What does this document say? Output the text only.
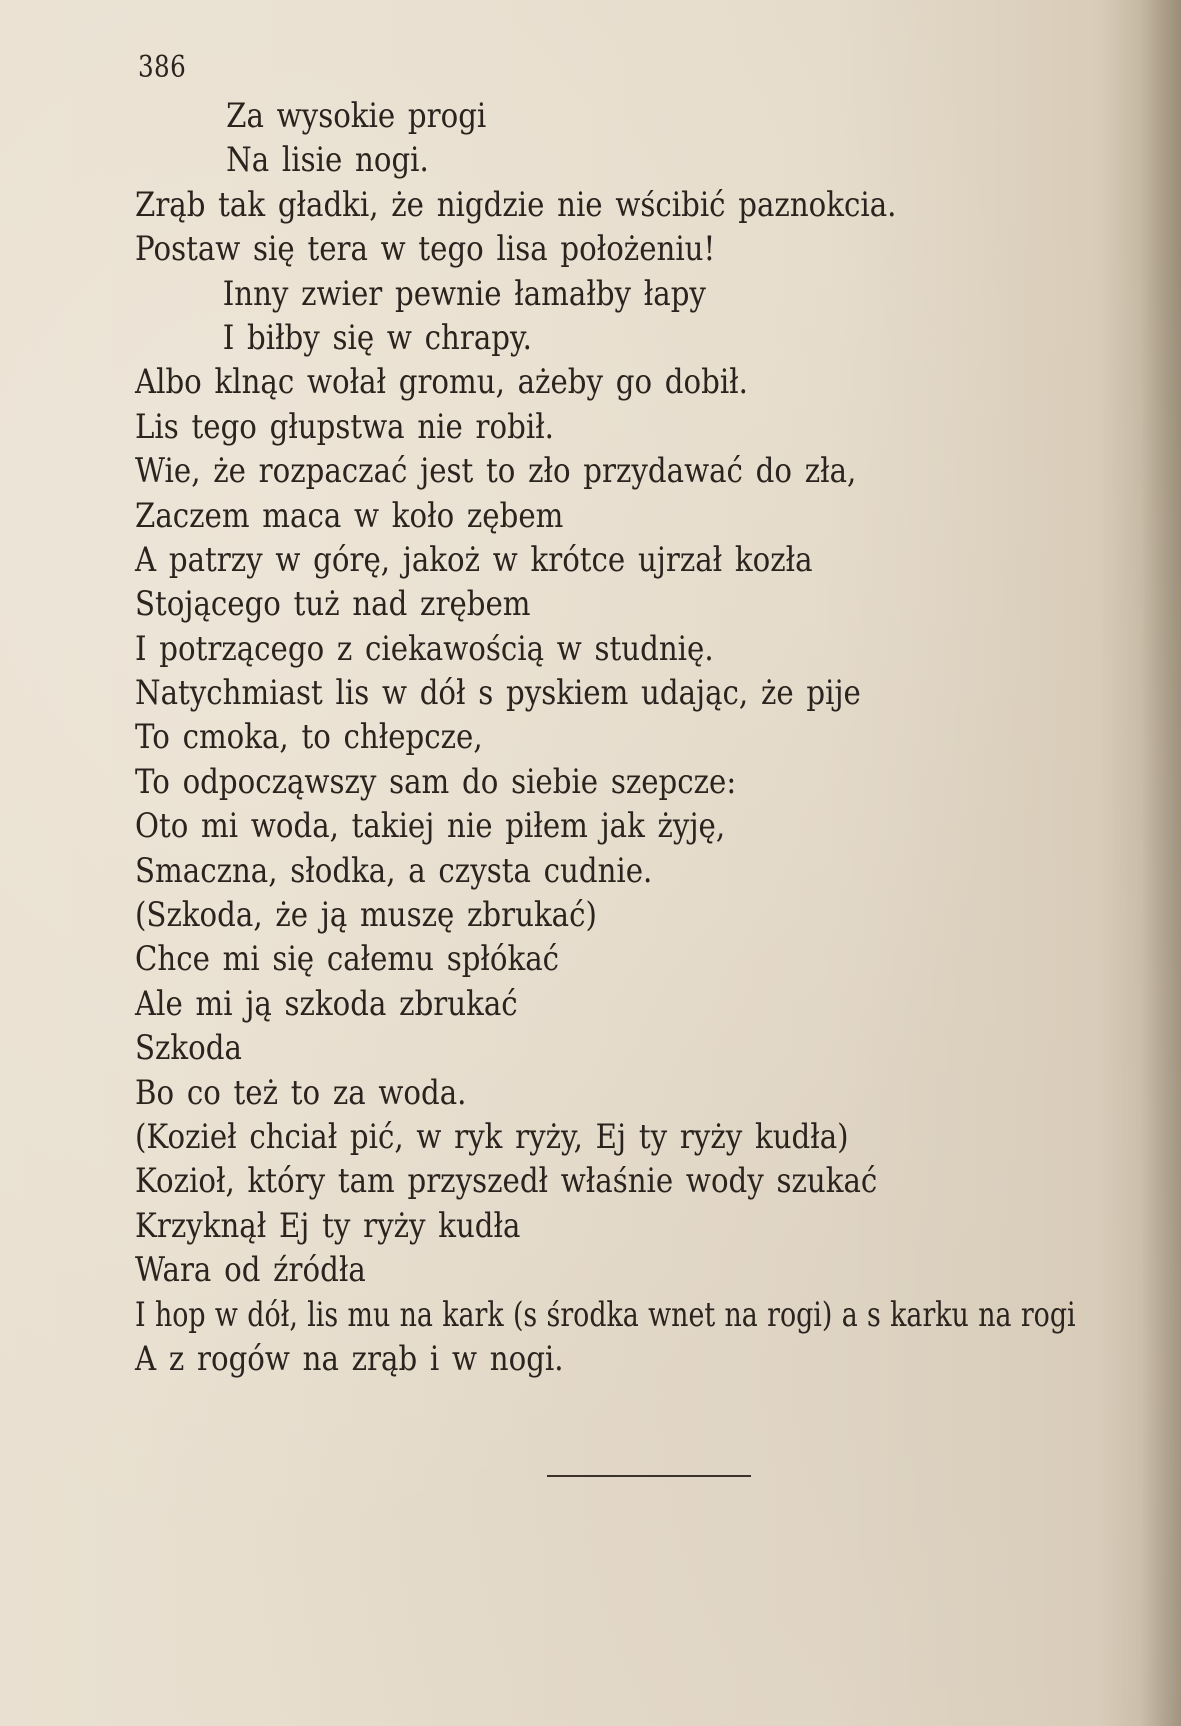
386
Za wysokie progi
Na lisie nogi.
Zrąb tak gładki, że nigdzie nie wścibić paznokcia.
Postaw się tera w tego lisa położeniu!
Inny zwier pewnie łamałby łapy
I biłby się w chrapy.
Albo klnąc wołał gromu, ażeby go dobił.
Lis tego głupstwa nie robił.
Wie, że rozpaczać jest to zło przydawać do zła,
Zaczem maca w koło zębem
A patrzy w górę, jakoż w krótce ujrzał kozła
Stojącego tuż nad zrębem
I potrzącego z ciekawością w studnię.
Natychmiast lis w dół s pyskiem udając, że pije
To cmoka, to chłepcze,
To odpocząwszy sam do siebie szepcze:
Oto mi woda, takiej nie piłem jak żyję,
Smaczna, słodka, a czysta cudnie.
(Szkoda, że ją muszę zbrukać)
Chce mi się całemu spłókać
Ale mi ją szkoda zbrukać
Szkoda
Bo co też to za woda.
(Kozieł chciał pić, w ryk ryży, Ej ty ryży kudła)
Kozioł, który tam przyszedł właśnie wody szukać
Krzyknął Ej ty ryży kudła
Wara od źródła
I hop w dół, lis mu na kark (s środka wnet na rogi) a s karku na rogi
A z rogów na zrąb i w nogi.
